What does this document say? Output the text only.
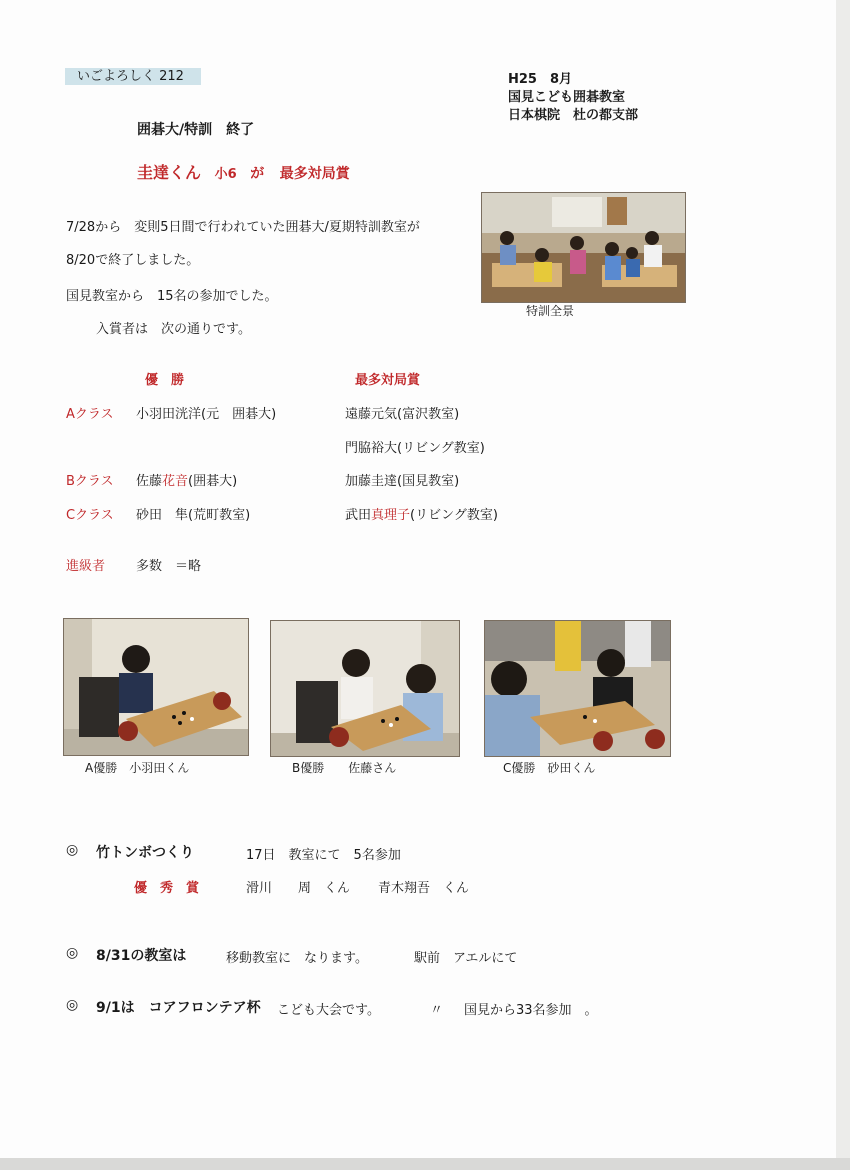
いごよろしく 212	H25　8月
国見こども囲碁教室
日本棋院　杜の都支部
囲碁大/特訓　終了
圭達くん 小6 が 最多対局賞
7/28から　変則5日間で行われていた囲碁大/夏期特訓教室が
8/20で終了しました。
国見教室から　15名の参加でした。
入賞者は　次の通りです。
特訓全景
優　勝	最多対局賞
Aクラス 小羽田洸洋(元　囲碁大)	遠藤元気(富沢教室)
門脇裕大(リビング教室)
Bクラス 佐藤花音(囲碁大)	加藤圭達(国見教室)
Cクラス 砂田　隼(荒町教室)	武田真理子(リビング教室)
進級者 多数　＝略
A優勝　小羽田くん	B優勝　　佐藤さん	C優勝　砂田くん
◎ 竹トンボつくり	17日　教室にて　5名参加
優　秀　賞	滑川　　周　くん 青木翔吾　くん
◎ 8/31の教室は	移動教室に　なります。	駅前　アエルにて
◎ 9/1は　コアフロンテア杯 こども大会です。	〃 国見から33名参加　。
